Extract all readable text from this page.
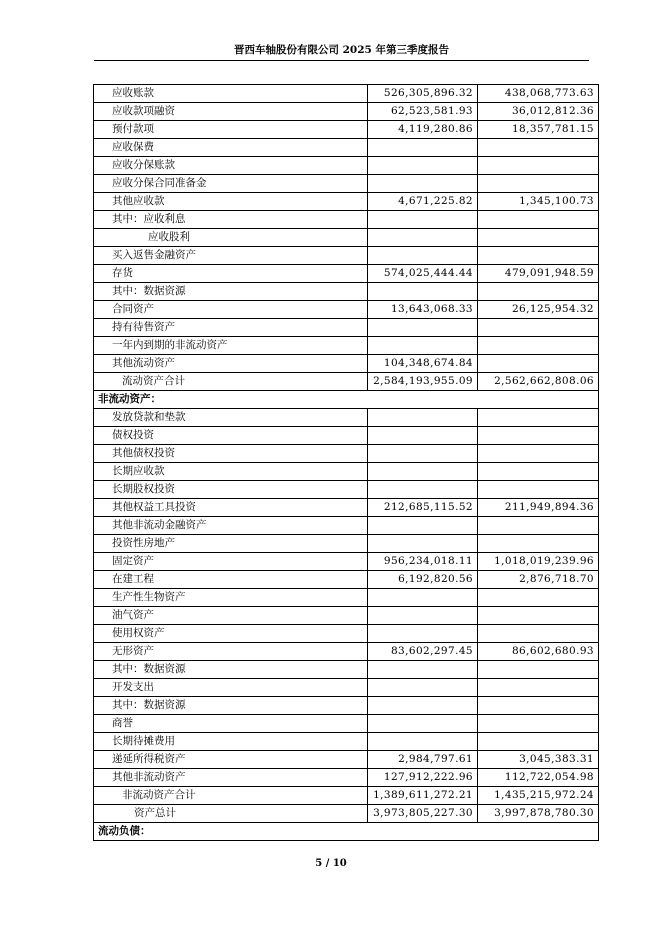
晋西车轴股份有限公司 2025 年第三季度报告
应收账款	526,305,896.32	438,068,773.63
应收款项融资	62,523,581.93	36,012,812.36
预付款项	4,119,280.86	18,357,781.15
应收保费		
应收分保账款		
应收分保合同准备金		
其他应收款	4,671,225.82	1,345,100.73
其中：应收利息		
应收股利		
买入返售金融资产		
存货	574,025,444.44	479,091,948.59
其中：数据资源		
合同资产	13,643,068.33	26,125,954.32
持有待售资产		
一年内到期的非流动资产		
其他流动资产	104,348,674.84	
流动资产合计	2,584,193,955.09	2,562,662,808.06
非流动资产：		
发放贷款和垫款		
债权投资		
其他债权投资		
长期应收款		
长期股权投资		
其他权益工具投资	212,685,115.52	211,949,894.36
其他非流动金融资产		
投资性房地产		
固定资产	956,234,018.11	1,018,019,239.96
在建工程	6,192,820.56	2,876,718.70
生产性生物资产		
油气资产		
使用权资产		
无形资产	83,602,297.45	86,602,680.93
其中：数据资源		
开发支出		
其中：数据资源		
商誉		
长期待摊费用		
递延所得税资产	2,984,797.61	3,045,383.31
其他非流动资产	127,912,222.96	112,722,054.98
非流动资产合计	1,389,611,272.21	1,435,215,972.24
资产总计	3,973,805,227.30	3,997,878,780.30
流动负债：		
5 / 10
